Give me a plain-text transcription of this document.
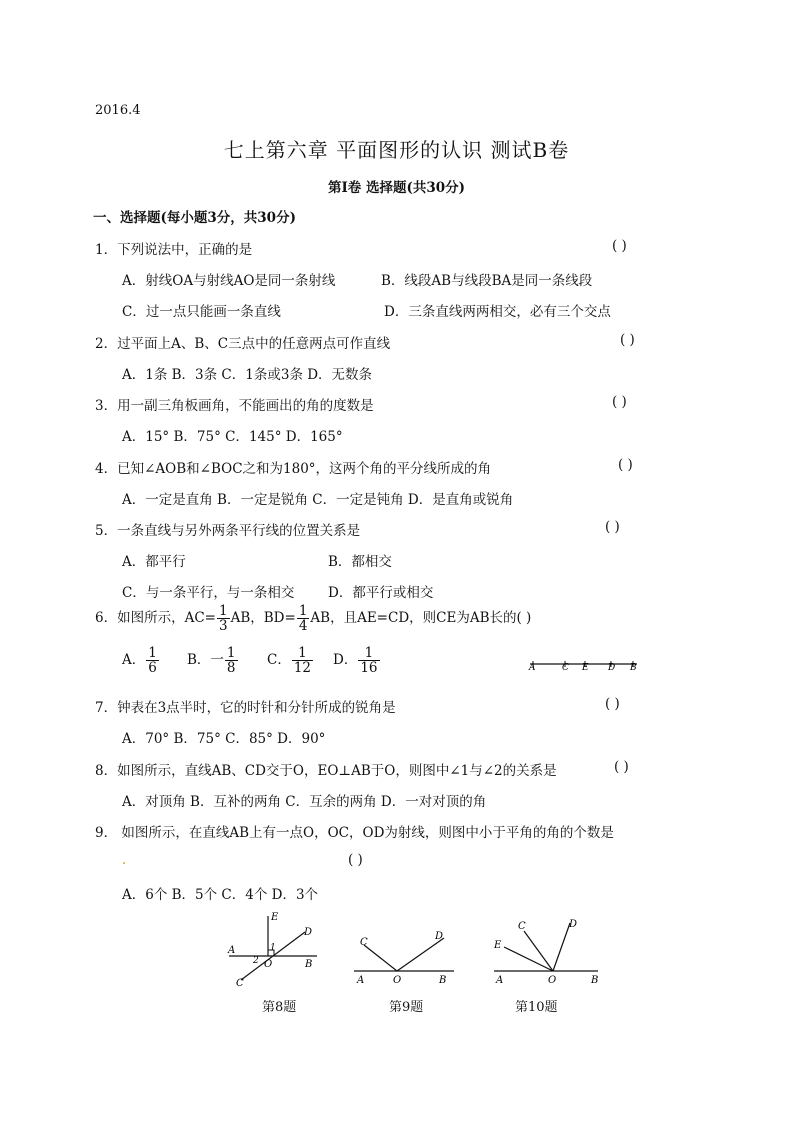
2016.4
七上第六章 平面图形的认识 测试B卷
第Ⅰ卷 选择题(共30分)
一、选择题(每小题3分，共30分)
1．下列说法中，正确的是	( )
A．射线OA与射线AO是同一条射线	B．线段AB与线段BA是同一条线段
C．过一点只能画一条直线	D．三条直线两两相交，必有三个交点
2．过平面上A、B、C三点中的任意两点可作直线	( )
A．1条 B．3条 C．1条或3条 D．无数条
3．用一副三角板画角，不能画出的角的度数是	( )
A．15° B．75° C．145° D．165°
4．已知∠AOB和∠BOC之和为180°，这两个角的平分线所成的角	( )
A．一定是直角 B．一定是锐角 C．一定是钝角 D．是直角或锐角
5．一条直线与另外两条平行线的位置关系是	( )
A．都平行	B．都相交
C．与一条平行，与一条相交 D．都平行或相交
6．如图所示，$AC= \frac{1}{3}$ AB，$BD= \frac{1}{4}$ AB，且AE=CD，则CE为AB长的( )
A． $\frac{1}{6}$ B．一 $\frac{1}{8}$ C． $\frac{1}{12}$ D． $\frac{1}{16}$	A	C E D B
7．钟表在3点半时，它的时针和分针所成的锐角是	( )
A．70° B．75° C．85° D．90°
8．如图所示，直线AB、CD交于O，EO⊥AB于O，则图中∠1与∠2的关系是	( )
A．对顶角 B．互补的两角 C．互余的两角 D．一对对顶的角
9． 如图所示，在直线AB上有一点O，OC，OD为射线，则图中小于平角的角的个数是
.	( )
A．6个 B．5个 C．4个 D．3个
E
D
A
O	B
C
1
2
第8题
C
D
A	O	B
第9题
C	D
E
A	O	B
第10题
